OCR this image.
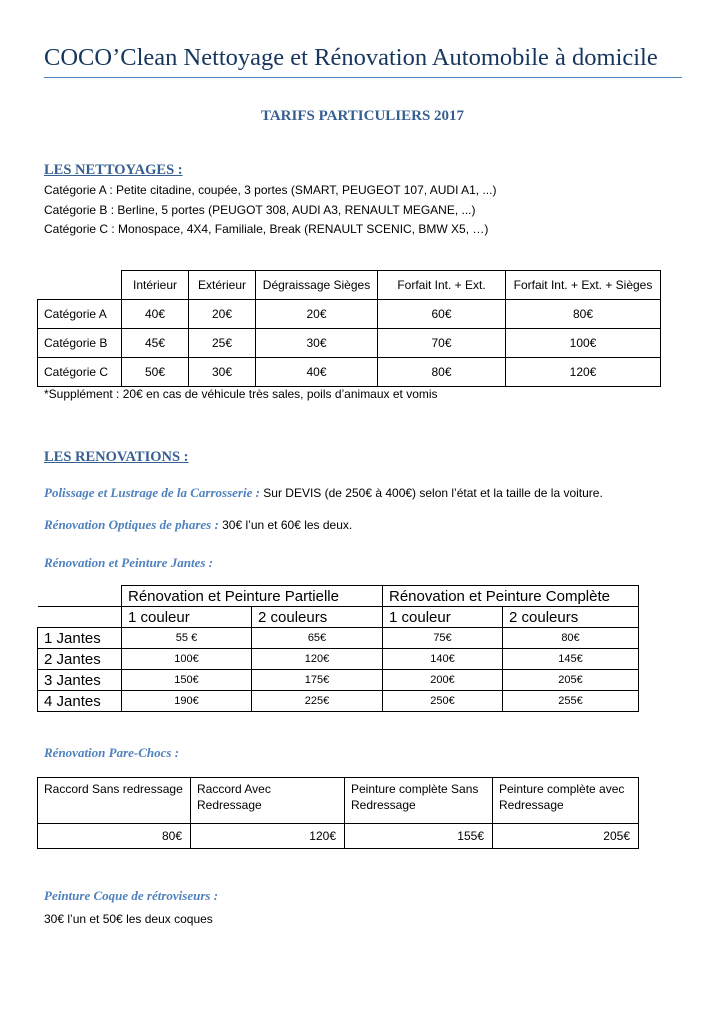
COCO’Clean Nettoyage et Rénovation Automobile à domicile
TARIFS PARTICULIERS 2017
LES NETTOYAGES :
Catégorie A : Petite citadine, coupée, 3 portes (SMART, PEUGEOT 107, AUDI A1, ...)
Catégorie B : Berline, 5 portes (PEUGOT 308, AUDI A3, RENAULT MEGANE, ...)
Catégorie C : Monospace, 4X4, Familiale, Break (RENAULT SCENIC, BMW X5, …)
	Intérieur	Extérieur	Dégraissage Sièges	Forfait Int. + Ext.	Forfait Int. + Ext. + Sièges
Catégorie A	40€	20€	20€	60€	80€
Catégorie B	45€	25€	30€	70€	100€
Catégorie C	50€	30€	40€	80€	120€
*Supplément : 20€ en cas de véhicule très sales, poils d’animaux et vomis
LES RENOVATIONS :
Polissage et Lustrage de la Carrosserie : Sur DEVIS (de 250€ à 400€) selon l’état et la taille de la voiture.
Rénovation Optiques de phares : 30€ l’un et 60€ les deux.
Rénovation et Peinture Jantes :
	Rénovation et Peinture Partielle		Rénovation et Peinture Complète	
	1 couleur	2 couleurs	1 couleur	2 couleurs
1 Jantes	55 €	65€	75€	80€
2 Jantes	100€	120€	140€	145€
3 Jantes	150€	175€	200€	205€
4 Jantes	190€	225€	250€	255€
Rénovation Pare-Chocs :
Raccord Sans redressage	Raccord Avec Redressage	Peinture complète Sans Redressage	Peinture complète avec Redressage
80€	120€	155€	205€
Peinture Coque de rétroviseurs :
30€ l’un et 50€ les deux coques
